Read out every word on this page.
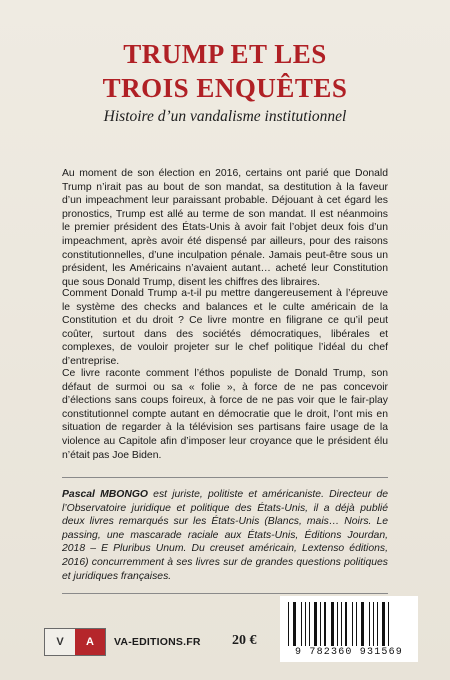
TRUMP ET LES
TROIS ENQUÊTES
Histoire d’un vandalisme institutionnel
Au moment de son élection en 2016, certains ont parié que Donald Trump n’irait pas au bout de son mandat, sa destitution à la faveur d’un impeachment leur paraissant probable. Déjouant à cet égard les pronostics, Trump est allé au terme de son mandat. Il est néanmoins le premier président des États-Unis à avoir fait l’objet deux fois d’un impeachment, après avoir été dispensé par ailleurs, pour des raisons constitutionnelles, d’une inculpation pénale. Jamais peut-être sous un président, les Américains n’avaient autant… acheté leur Constitution que sous Donald Trump, disent les chiffres des libraires.
Comment Donald Trump a-t-il pu mettre dangereusement à l’épreuve le système des checks and balances et le culte américain de la Constitution et du droit ? Ce livre montre en filigrane ce qu’il peut coûter, surtout dans des sociétés démocratiques, libérales et complexes, de vouloir projeter sur le chef politique l’idéal du chef d’entreprise.
Ce livre raconte comment l’éthos populiste de Donald Trump, son défaut de surmoi ou sa « folie », à force de ne pas concevoir d’élections sans coups foireux, à force de ne pas voir que le fair-play constitutionnel compte autant en démocratie que le droit, l’ont mis en situation de regarder à la télévision ses partisans faire usage de la violence au Capitole afin d’imposer leur croyance que le président élu n’était pas Joe Biden.
Pascal MBONGO est juriste, politiste et américaniste. Directeur de l’Observatoire juridique et politique des États-Unis, il a déjà publié deux livres remarqués sur les États-Unis (Blancs, mais… Noirs. Le passing, une mascarade raciale aux États-Unis, Éditions Jourdan, 2018 – E Pluribus Unum. Du creuset américain, Lextenso éditions, 2016) concurremment à ses livres sur de grandes questions politiques et juridiques françaises.
V	A	VA-EDITIONS.FR 20 €
9 782360 931569
